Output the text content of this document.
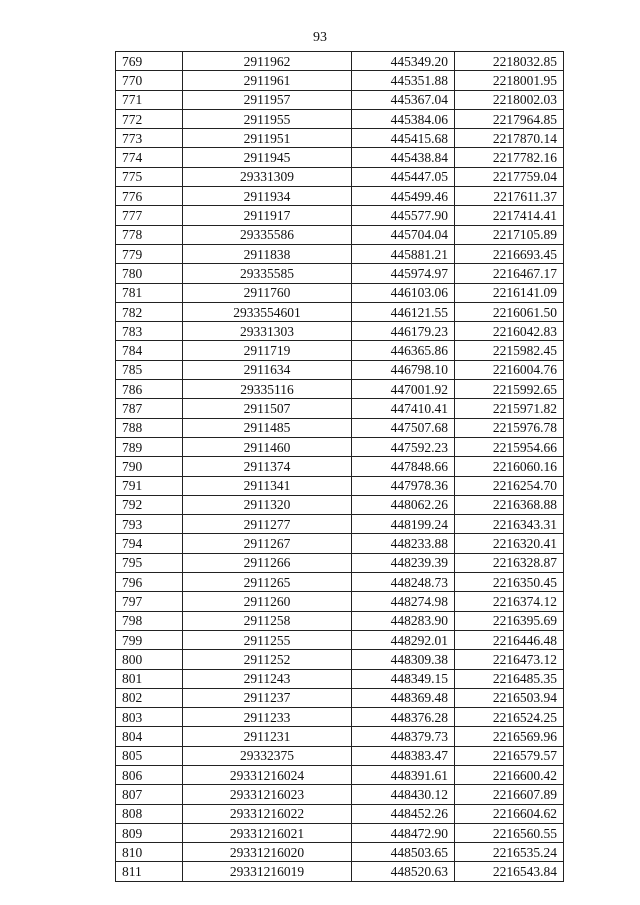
93
769	2911962	445349.20	2218032.85
770	2911961	445351.88	2218001.95
771	2911957	445367.04	2218002.03
772	2911955	445384.06	2217964.85
773	2911951	445415.68	2217870.14
774	2911945	445438.84	2217782.16
775	29331309	445447.05	2217759.04
776	2911934	445499.46	2217611.37
777	2911917	445577.90	2217414.41
778	29335586	445704.04	2217105.89
779	2911838	445881.21	2216693.45
780	29335585	445974.97	2216467.17
781	2911760	446103.06	2216141.09
782	2933554601	446121.55	2216061.50
783	29331303	446179.23	2216042.83
784	2911719	446365.86	2215982.45
785	2911634	446798.10	2216004.76
786	29335116	447001.92	2215992.65
787	2911507	447410.41	2215971.82
788	2911485	447507.68	2215976.78
789	2911460	447592.23	2215954.66
790	2911374	447848.66	2216060.16
791	2911341	447978.36	2216254.70
792	2911320	448062.26	2216368.88
793	2911277	448199.24	2216343.31
794	2911267	448233.88	2216320.41
795	2911266	448239.39	2216328.87
796	2911265	448248.73	2216350.45
797	2911260	448274.98	2216374.12
798	2911258	448283.90	2216395.69
799	2911255	448292.01	2216446.48
800	2911252	448309.38	2216473.12
801	2911243	448349.15	2216485.35
802	2911237	448369.48	2216503.94
803	2911233	448376.28	2216524.25
804	2911231	448379.73	2216569.96
805	29332375	448383.47	2216579.57
806	29331216024	448391.61	2216600.42
807	29331216023	448430.12	2216607.89
808	29331216022	448452.26	2216604.62
809	29331216021	448472.90	2216560.55
810	29331216020	448503.65	2216535.24
811	29331216019	448520.63	2216543.84
